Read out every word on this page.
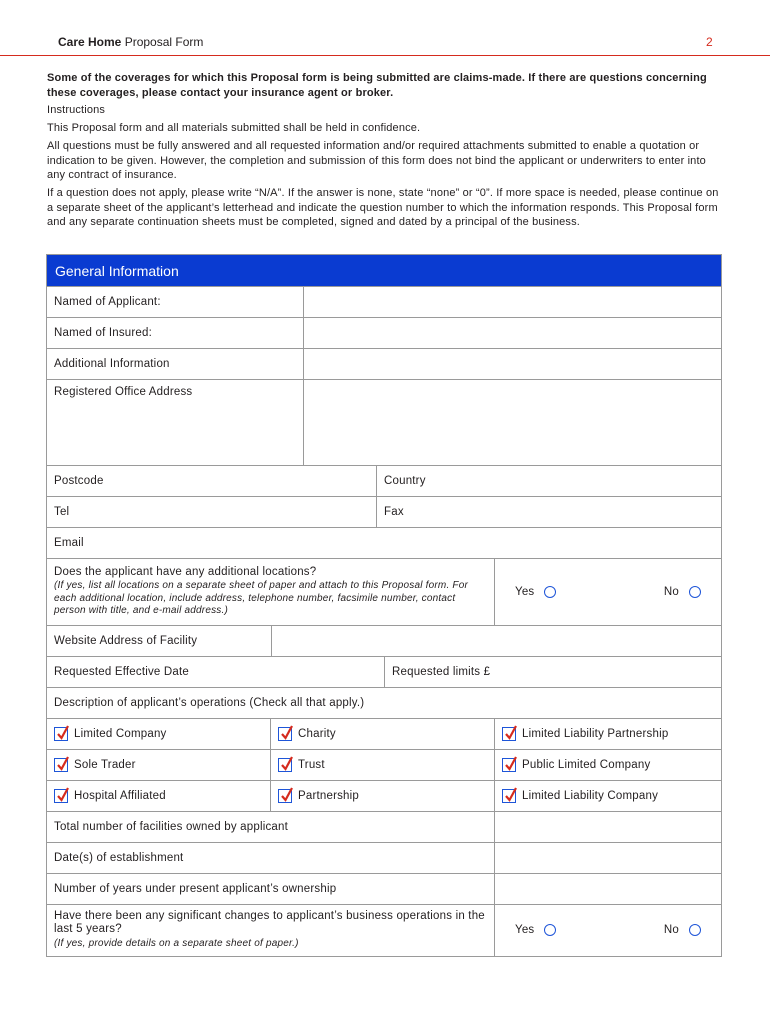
Care Home Proposal Form	2

Some of the coverages for which this Proposal form is being submitted are claims-made. If there are questions concerning these coverages, please contact your insurance agent or broker.

Instructions

This Proposal form and all materials submitted shall be held in confidence.

All questions must be fully answered and all requested information and/or required attachments submitted to enable a quotation or indication to be given. However, the completion and submission of this form does not bind the applicant or underwriters to enter into any contract of insurance.

If a question does not apply, please write “N/A”. If the answer is none, state “none” or “0”. If more space is needed, please continue on a separate sheet of the applicant’s letterhead and indicate the question number to which the information responds. This Proposal form and any separate continuation sheets must be completed, signed and dated by a principal of the business.

General Information
Named of Applicant:
Named of Insured:
Additional Information
Registered Office Address
Postcode	Country
Tel	Fax
Email
Does the applicant have any additional locations?
(If yes, list all locations on a separate sheet of paper and attach to this Proposal form. For each additional location, include address, telephone number, facsimile number, contact person with title, and e-mail address.)
Yes	No
Website Address of Facility
Requested Effective Date	Requested limits £
Description of applicant’s operations (Check all that apply.)
Limited Company	Charity	Limited Liability Partnership
Sole Trader	Trust	Public Limited Company
Hospital Affiliated	Partnership	Limited Liability Company
Total number of facilities owned by applicant
Date(s) of establishment
Number of years under present applicant’s ownership
Have there been any significant changes to applicant’s business operations in the last 5 years?
(If yes, provide details on a separate sheet of paper.)
Yes	No
